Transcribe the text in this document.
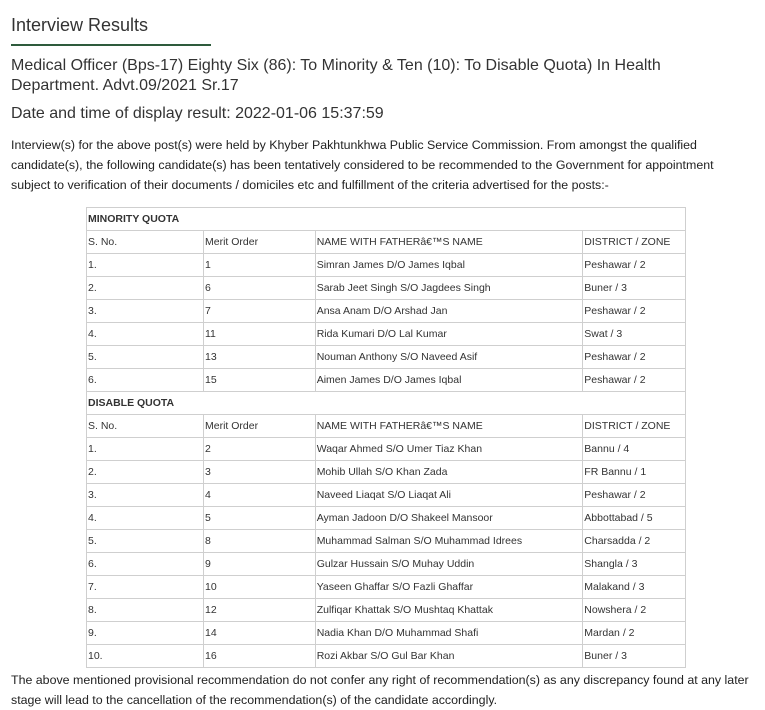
Interview Results
Medical Officer (Bps-17) Eighty Six (86): To Minority & Ten (10): To Disable Quota) In Health Department. Advt.09/2021 Sr.17
Date and time of display result: 2022-01-06 15:37:59

Interview(s) for the above post(s) were held by Khyber Pakhtunkhwa Public Service Commission. From amongst the qualified candidate(s), the following candidate(s) has been tentatively considered to be recommended to the Government for appointment subject to verification of their documents / domiciles etc and fulfillment of the criteria advertised for the posts:-

MINORITY QUOTA			
S. No.	Merit Order	NAME WITH FATHERâ€™S NAME	DISTRICT / ZONE
1.	1	Simran James D/O James Iqbal	Peshawar / 2
2.	6	Sarab Jeet Singh S/O Jagdees Singh	Buner / 3
3.	7	Ansa Anam D/O Arshad Jan	Peshawar / 2
4.	11	Rida Kumari D/O Lal Kumar	Swat / 3
5.	13	Nouman Anthony S/O Naveed Asif	Peshawar / 2
6.	15	Aimen James D/O James Iqbal	Peshawar / 2
DISABLE QUOTA			
S. No.	Merit Order	NAME WITH FATHERâ€™S NAME	DISTRICT / ZONE
1.	2	Waqar Ahmed S/O Umer Tiaz Khan	Bannu / 4
2.	3	Mohib Ullah S/O Khan Zada	FR Bannu / 1
3.	4	Naveed Liaqat S/O Liaqat Ali	Peshawar / 2
4.	5	Ayman Jadoon D/O Shakeel Mansoor	Abbottabad / 5
5.	8	Muhammad Salman S/O Muhammad Idrees	Charsadda / 2
6.	9	Gulzar Hussain S/O Muhay Uddin	Shangla / 3
7.	10	Yaseen Ghaffar S/O Fazli Ghaffar	Malakand / 3
8.	12	Zulfiqar Khattak S/O Mushtaq Khattak	Nowshera / 2
9.	14	Nadia Khan D/O Muhammad Shafi	Mardan / 2
10.	16	Rozi Akbar S/O Gul Bar Khan	Buner / 3

The above mentioned provisional recommendation do not confer any right of recommendation(s) as any discrepancy found at any later stage will lead to the cancellation of the recommendation(s) of the candidate accordingly.
